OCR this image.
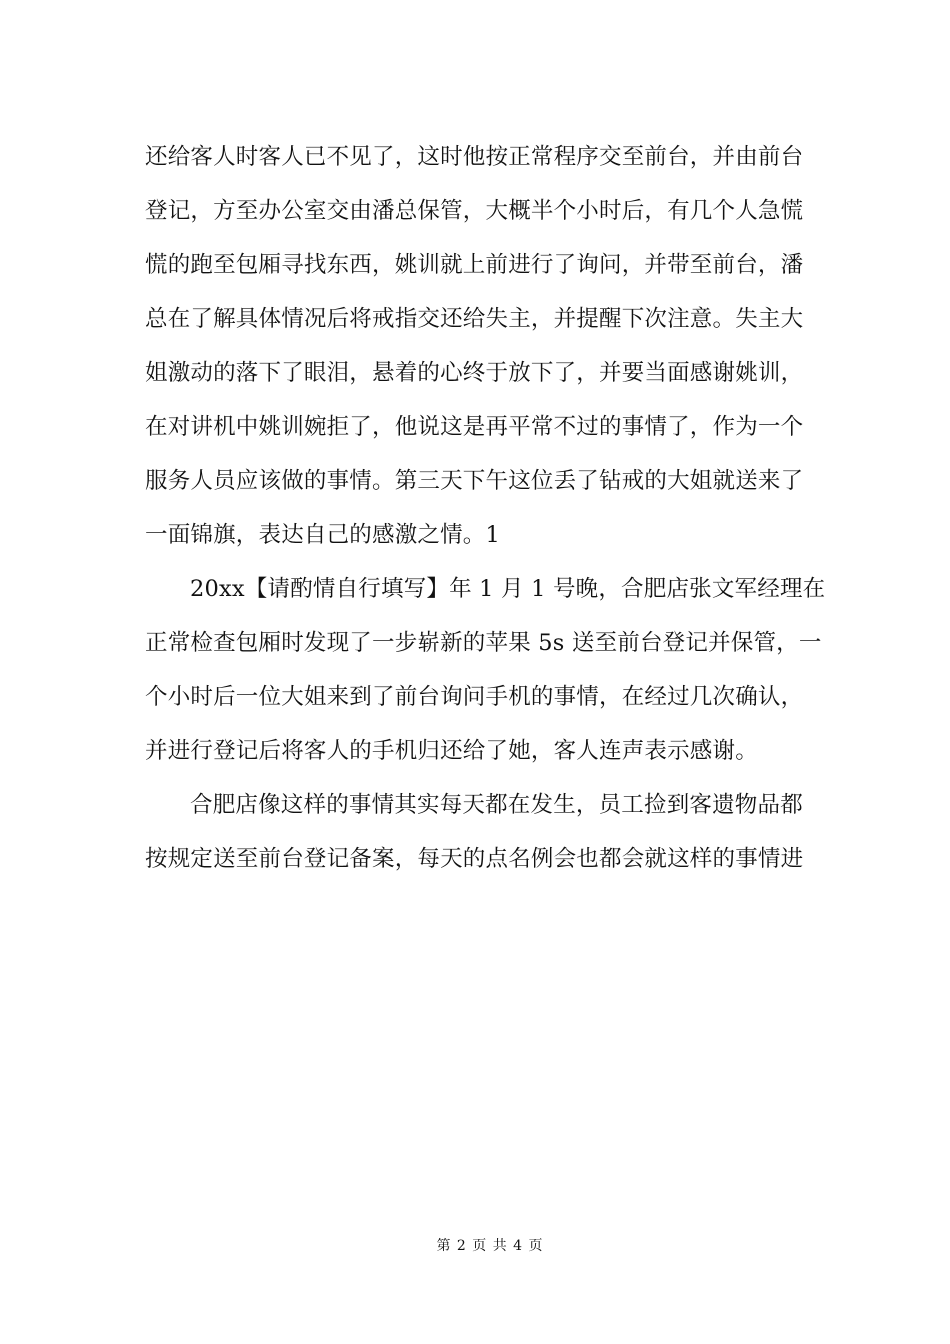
还给客人时客人已不见了，这时他按正常程序交至前台，并由前台
登记，方至办公室交由潘总保管，大概半个小时后，有几个人急慌
慌的跑至包厢寻找东西，姚训就上前进行了询问，并带至前台，潘
总在了解具体情况后将戒指交还给失主，并提醒下次注意。失主大
姐激动的落下了眼泪，悬着的心终于放下了，并要当面感谢姚训，
在对讲机中姚训婉拒了，他说这是再平常不过的事情了，作为一个
服务人员应该做的事情。第三天下午这位丢了钻戒的大姐就送来了
一面锦旗，表达自己的感激之情。1
20xx【请酌情自行填写】年 1 月 1 号晚，合肥店张文军经理在
正常检查包厢时发现了一步崭新的苹果 5s 送至前台登记并保管，一
个小时后一位大姐来到了前台询问手机的事情，在经过几次确认，
并进行登记后将客人的手机归还给了她，客人连声表示感谢。
合肥店像这样的事情其实每天都在发生，员工捡到客遗物品都
按规定送至前台登记备案，每天的点名例会也都会就这样的事情进
第 2 页 共 4 页
